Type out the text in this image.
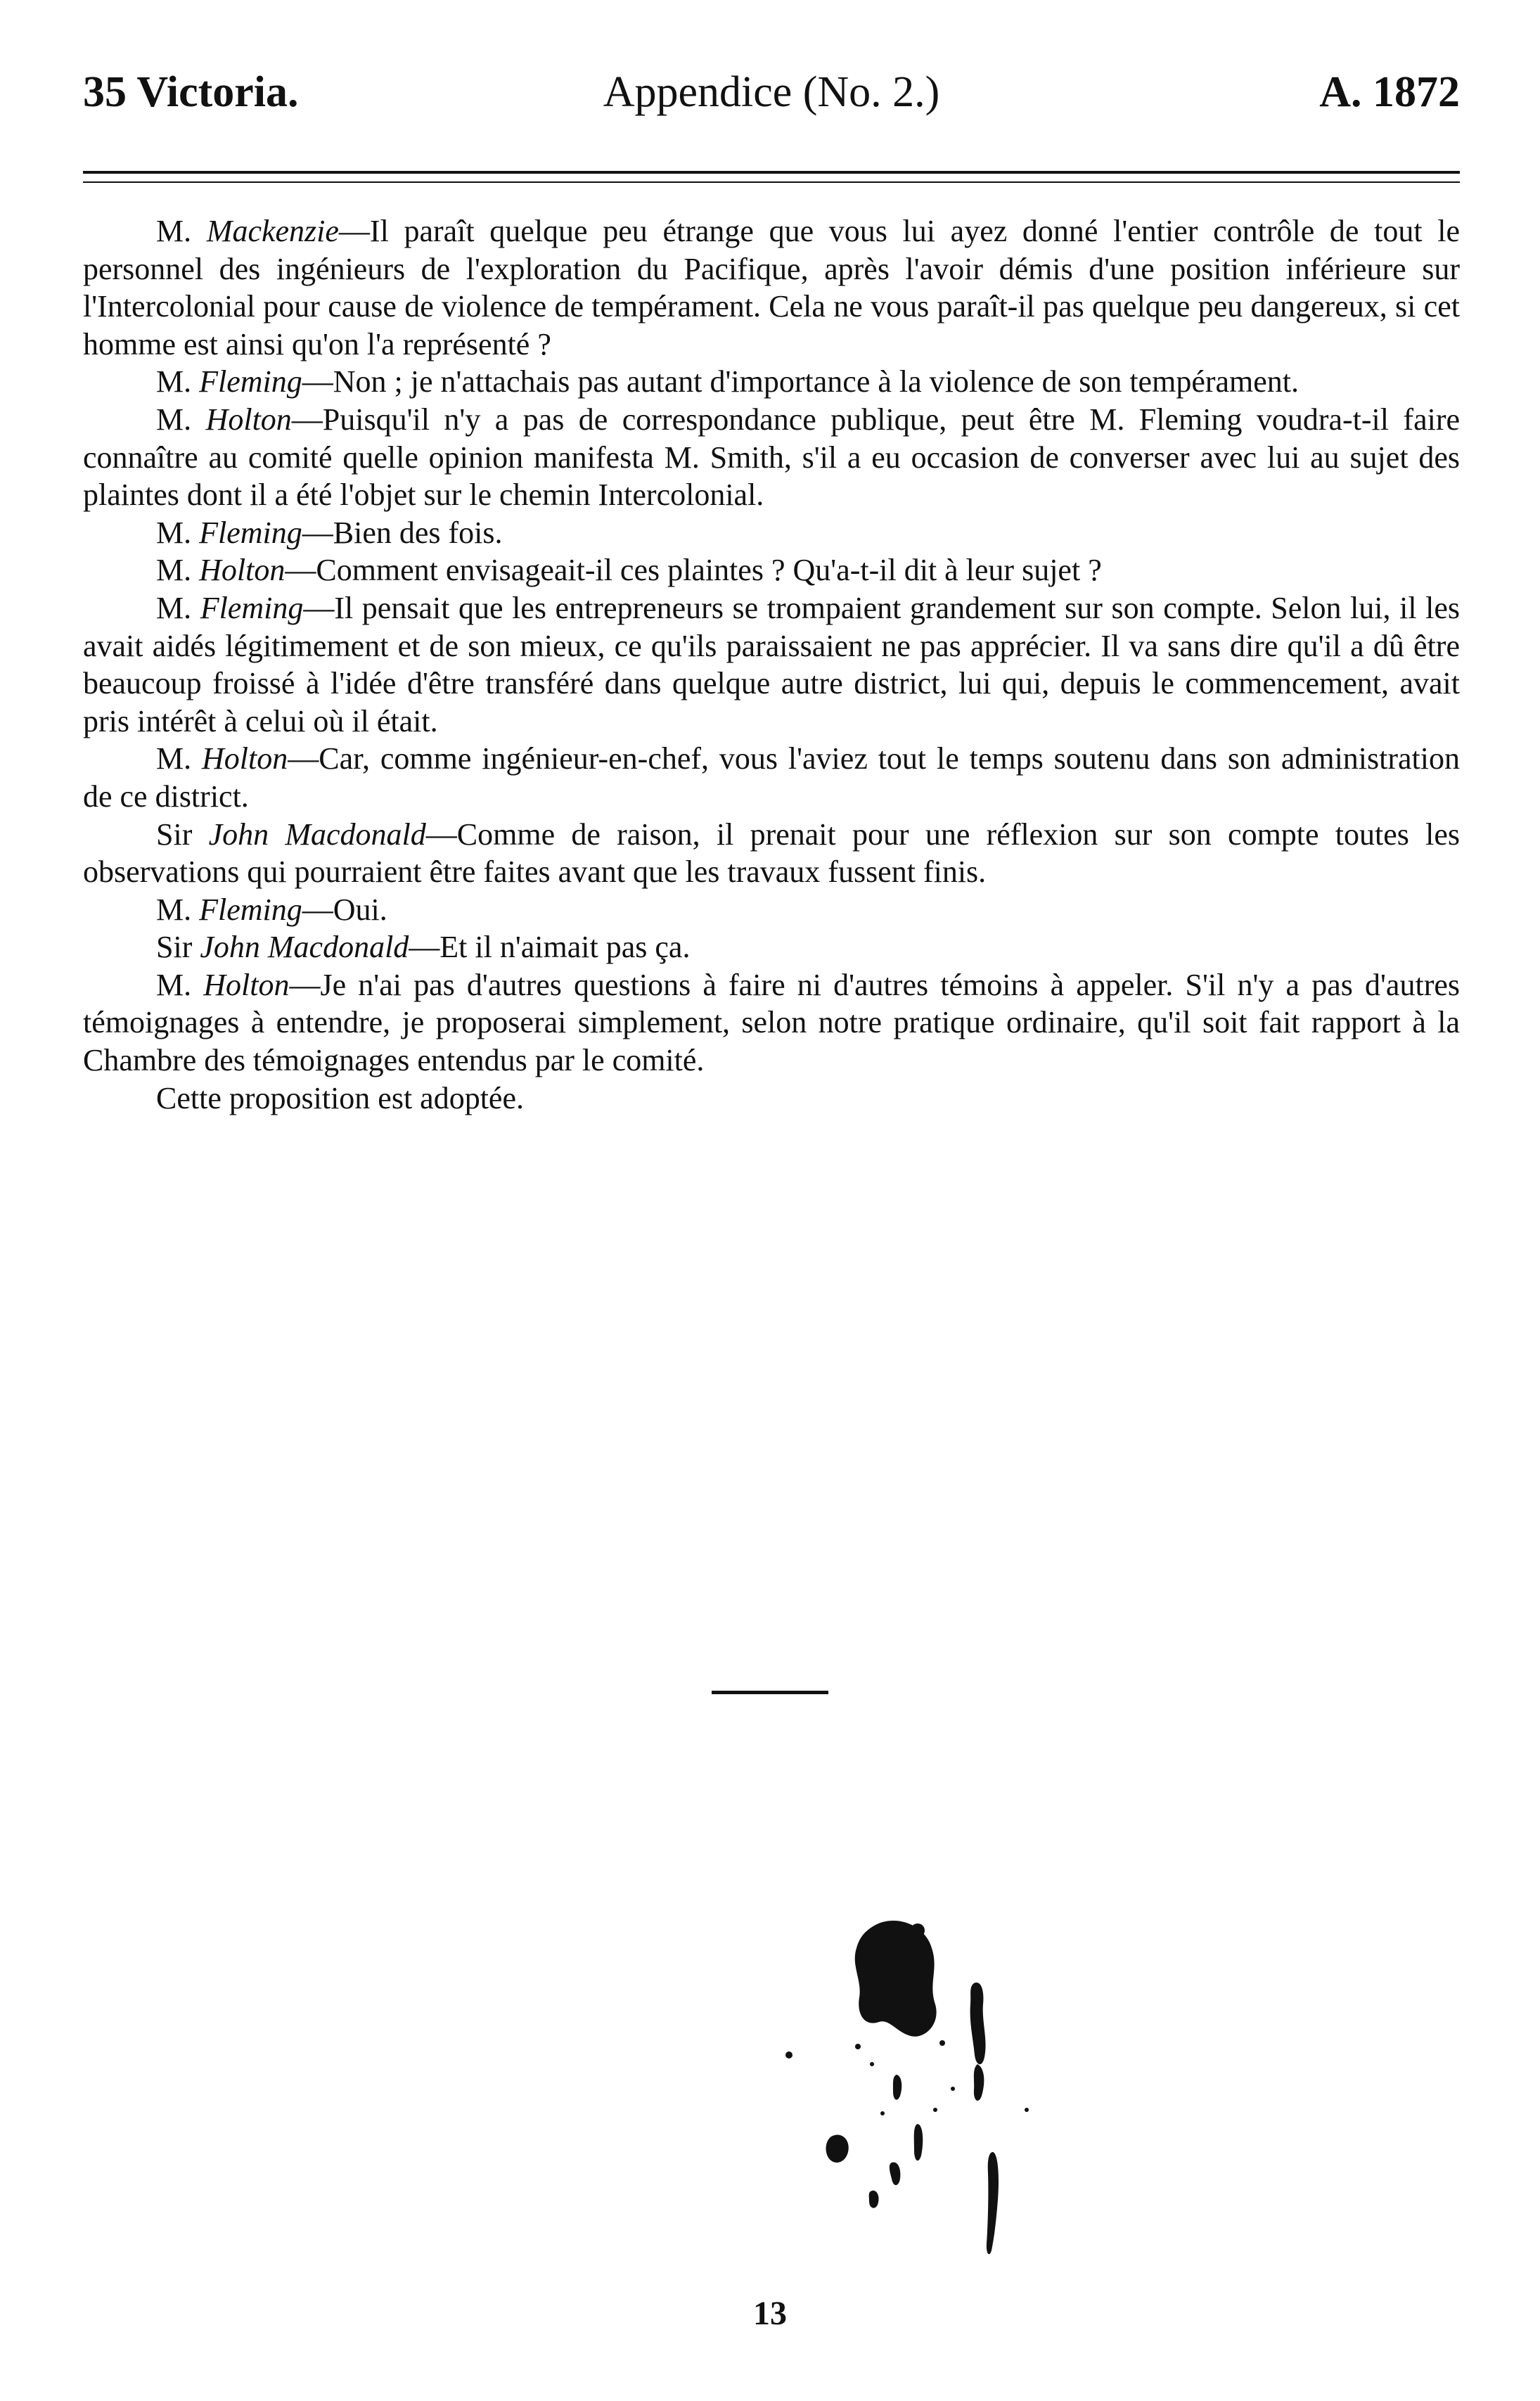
35 Victoria.	Appendice (No. 2.)	A. 1872

M. Mackenzie—Il paraît quelque peu étrange que vous lui ayez donné l'entier contrôle de tout le personnel des ingénieurs de l'exploration du Pacifique, après l'avoir démis d'une position inférieure sur l'Intercolonial pour cause de violence de tempérament. Cela ne vous paraît-il pas quelque peu dangereux, si cet homme est ainsi qu'on l'a représenté ?

M. Fleming—Non ; je n'attachais pas autant d'importance à la violence de son tempérament.

M. Holton—Puisqu'il n'y a pas de correspondance publique, peut être M. Fleming voudra-t-il faire connaître au comité quelle opinion manifesta M. Smith, s'il a eu occasion de converser avec lui au sujet des plaintes dont il a été l'objet sur le chemin Intercolonial.

M. Fleming—Bien des fois.

M. Holton—Comment envisageait-il ces plaintes ? Qu'a-t-il dit à leur sujet ?

M. Fleming—Il pensait que les entrepreneurs se trompaient grandement sur son compte. Selon lui, il les avait aidés légitimement et de son mieux, ce qu'ils paraissaient ne pas apprécier. Il va sans dire qu'il a dû être beaucoup froissé à l'idée d'être transféré dans quelque autre district, lui qui, depuis le commencement, avait pris intérêt à celui où il était.

M. Holton—Car, comme ingénieur-en-chef, vous l'aviez tout le temps soutenu dans son administration de ce district.

Sir John Macdonald—Comme de raison, il prenait pour une réflexion sur son compte toutes les observations qui pourraient être faites avant que les travaux fussent finis.

M. Fleming—Oui.

Sir John Macdonald—Et il n'aimait pas ça.

M. Holton—Je n'ai pas d'autres questions à faire ni d'autres témoins à appeler. S'il n'y a pas d'autres témoignages à entendre, je proposerai simplement, selon notre pratique ordinaire, qu'il soit fait rapport à la Chambre des témoignages entendus par le comité.

Cette proposition est adoptée.

13
